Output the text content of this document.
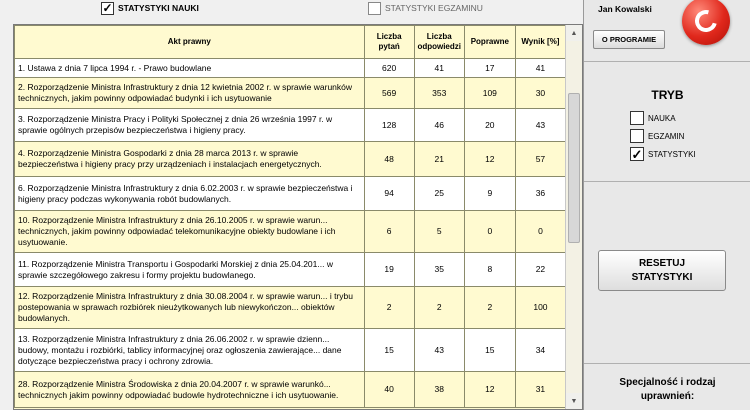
✓ STATYSTYKI NAUKI	STATYSTYKI EGZAMINU
Akt prawny	Liczba pytań	Liczba odpowiedzi	Poprawne	Wynik [%]
1. Ustawa z dnia 7 lipca 1994 r. - Prawo budowlane	620	41	17	41
2. Rozporządzenie Ministra Infrastruktury z dnia 12 kwietnia 2002 r. w sprawie warunków technicznych, jakim powinny odpowiadać budynki i ich usytuowanie	569	353	109	30
3. Rozporządzenie Ministra Pracy i Polityki Społecznej z dnia 26 września 1997 r. w sprawie ogólnych przepisów bezpieczeństwa i higieny pracy.	128	46	20	43
4. Rozporządzenie Ministra Gospodarki z dnia 28 marca 2013 r. w sprawie bezpieczeństwa i higieny pracy przy urządzeniach i instalacjach energetycznych.	48	21	12	57
6. Rozporządzenie Ministra Infrastruktury z dnia 6.02.2003 r. w sprawie bezpieczeństwa i higieny pracy podczas wykonywania robót budowlanych.	94	25	9	36
10. Rozporządzenie Ministra Infrastruktury z dnia 26.10.2005 r. w sprawie warun... technicznych, jakim powinny odpowiadać telekomunikacyjne obiekty budowlane i ich usytuowanie.	6	5	0	0
11. Rozporządzenie Ministra Transportu i Gospodarki Morskiej z dnia 25.04.201... w sprawie szczegółowego zakresu i formy projektu budowlanego.	19	35	8	22
12. Rozporządzenie Ministra Infrastruktury z dnia 30.08.2004 r. w sprawie warun... i trybu postepowania w sprawach rozbiórek nieużytkowanych lub niewykończon... obiektów budowlanych.	2	2	2	100
13. Rozporządzenie Ministra Infrastruktury z dnia 26.06.2002 r. w sprawie dzienn... budowy, montażu i rozbiórki, tablicy informacyjnej oraz ogłoszenia zawierające... dane dotyczące bezpieczeństwa pracy i ochrony zdrowia.	15	43	15	34
28. Rozporządzenie Ministra Środowiska z dnia 20.04.2007 r. w sprawie warunkó... technicznych jakim powinny odpowiadać budowle hydrotechniczne i ich usytuowanie.	40	38	12	31
▲
▼
Jan Kowalski
O PROGRAMIE
TRYB
NAUKA
EGZAMIN
✓ STATYSTYKI
RESETUJ
STATYSTYKI
Specjalność i rodzaj
uprawnień:
